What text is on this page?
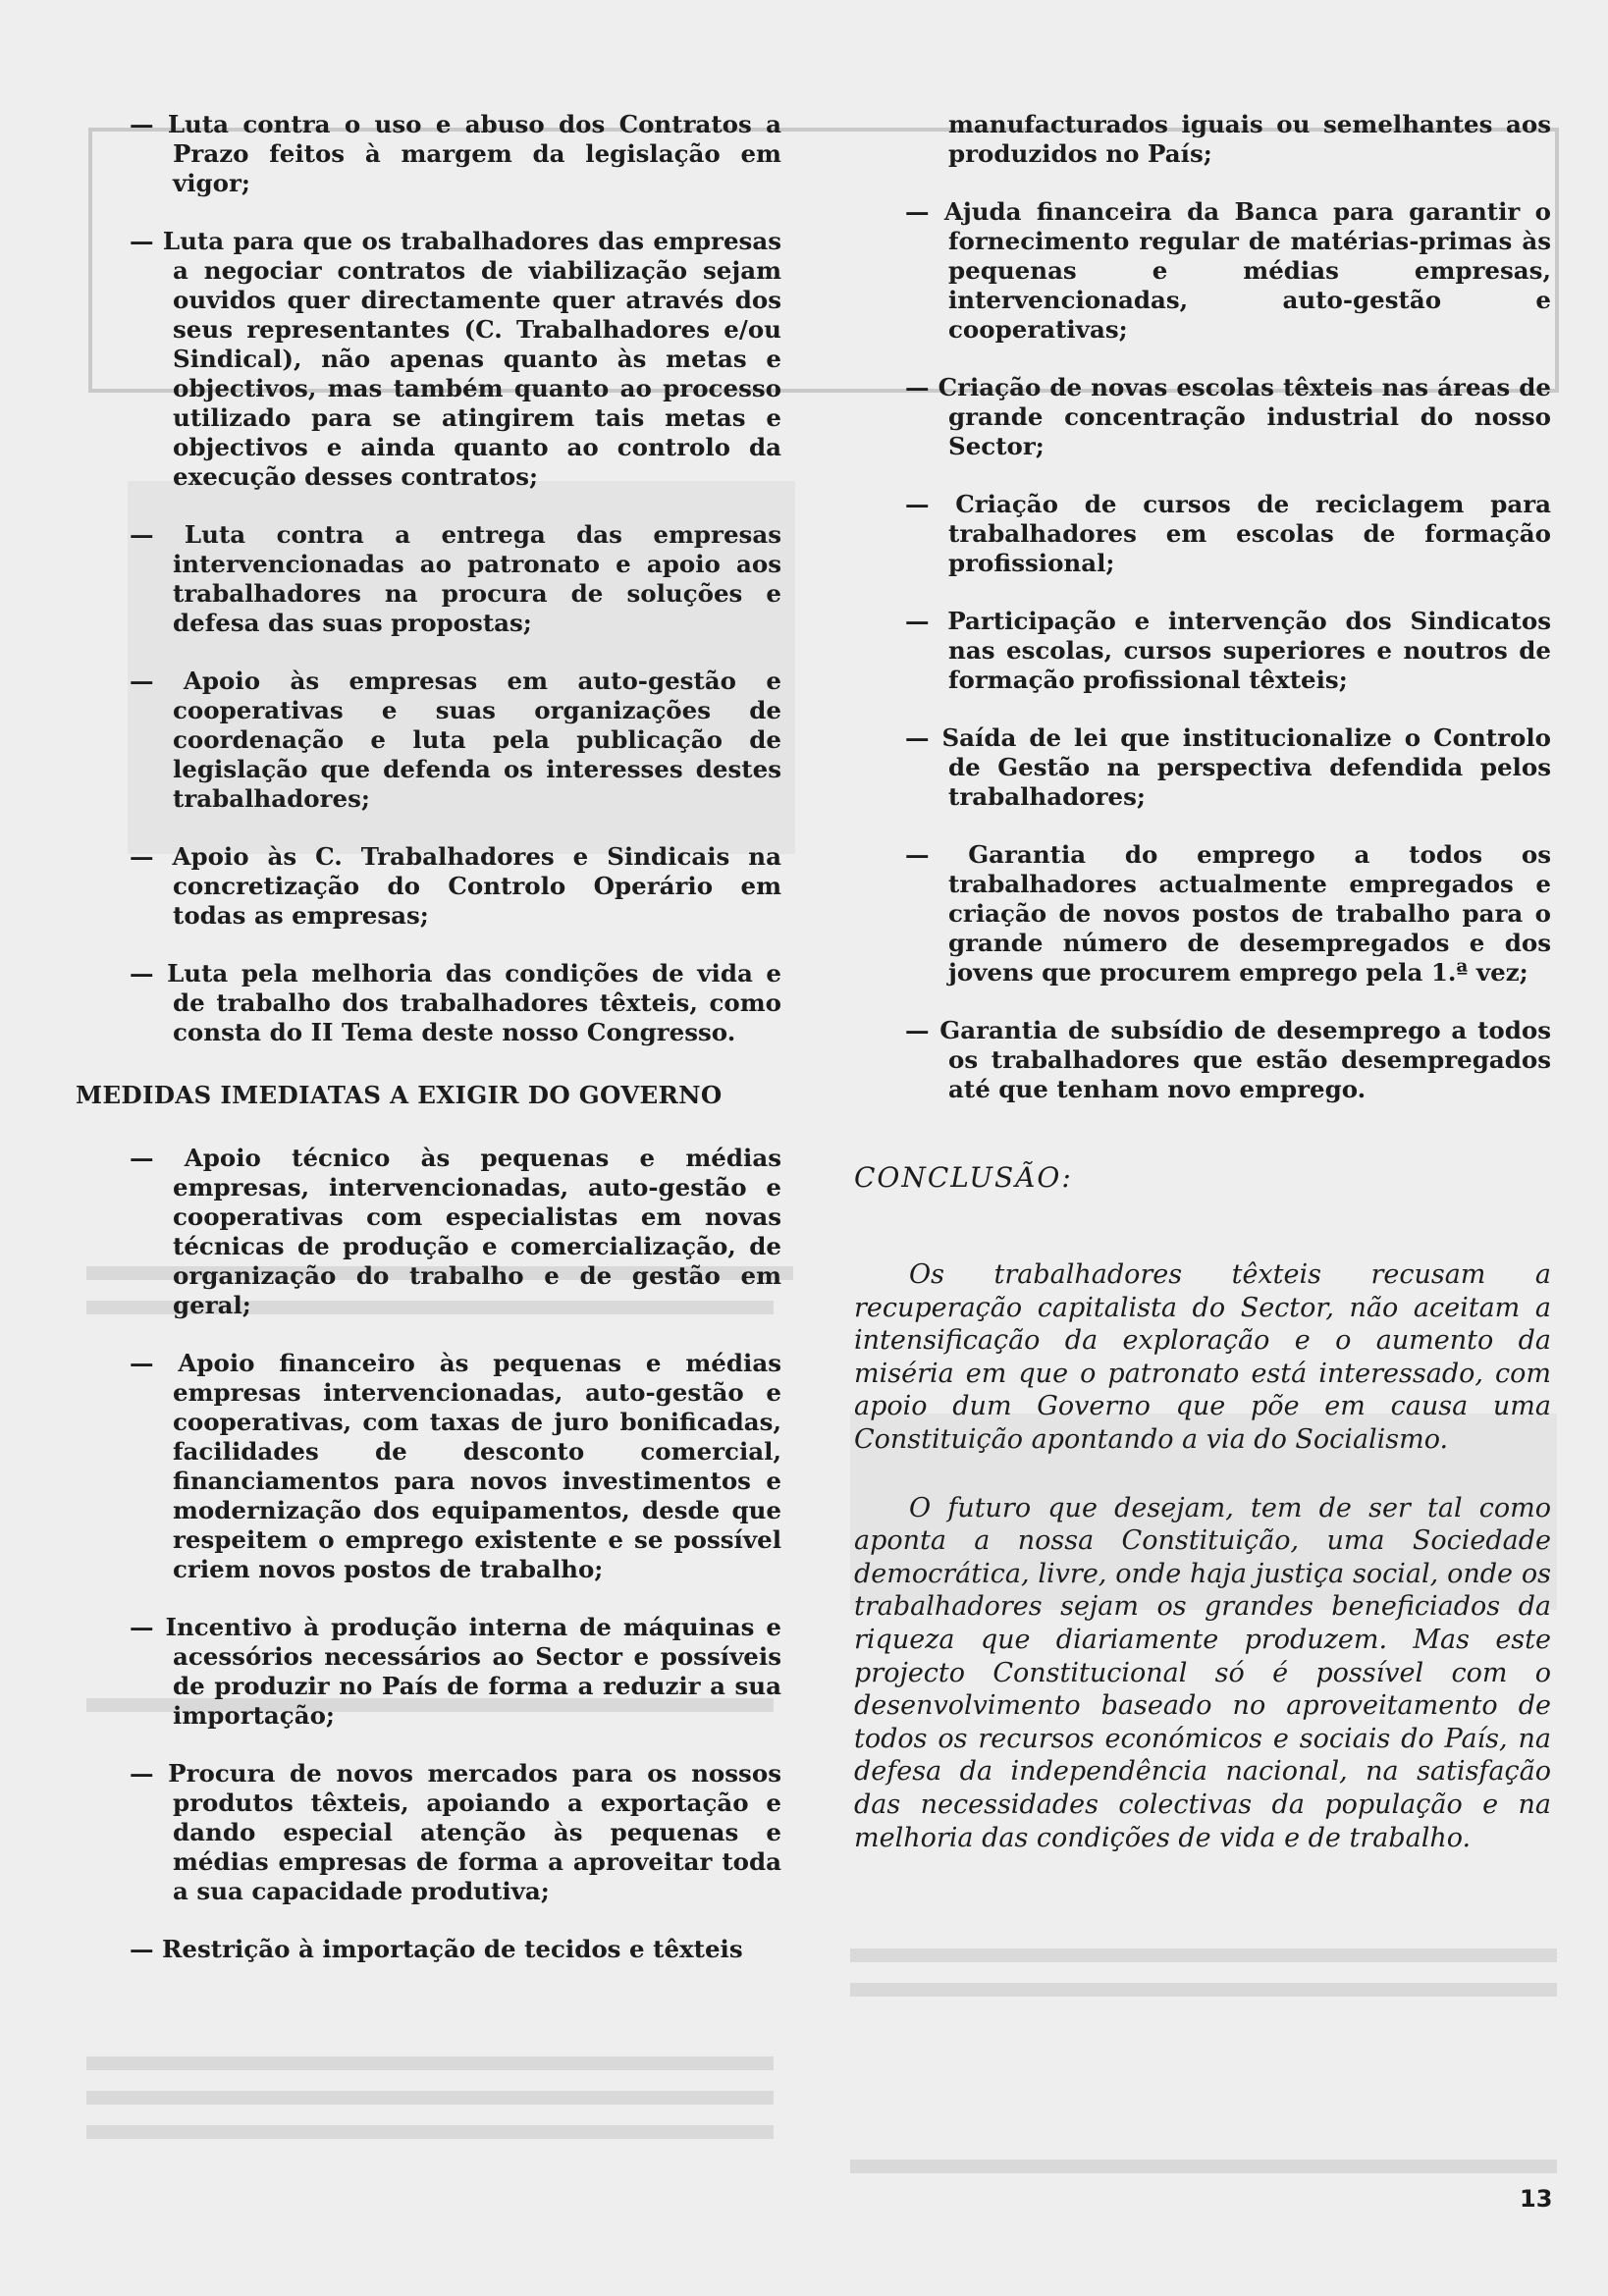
— Luta contra o uso e abuso dos Contratos a Prazo feitos à margem da legislação em vigor;

— Luta para que os trabalhadores das empresas a negociar contratos de viabilização sejam ouvidos quer directamente quer através dos seus representantes (C. Trabalhadores e/ou Sindical), não apenas quanto às metas e objectivos, mas também quanto ao processo utilizado para se atingirem tais metas e objectivos e ainda quanto ao controlo da execução desses contratos;

— Luta contra a entrega das empresas intervencionadas ao patronato e apoio aos trabalhadores na procura de soluções e defesa das suas propostas;

— Apoio às empresas em auto-gestão e cooperativas e suas organizações de coordenação e luta pela publicação de legislação que defenda os interesses destes trabalhadores;

— Apoio às C. Trabalhadores e Sindicais na concretização do Controlo Operário em todas as empresas;

— Luta pela melhoria das condições de vida e de trabalho dos trabalhadores têxteis, como consta do II Tema deste nosso Congresso.

MEDIDAS IMEDIATAS A EXIGIR DO GOVERNO

— Apoio técnico às pequenas e médias empresas, intervencionadas, auto-gestão e cooperativas com especialistas em novas técnicas de produção e comercialização, de organização do trabalho e de gestão em geral;

— Apoio financeiro às pequenas e médias empresas intervencionadas, auto-gestão e cooperativas, com taxas de juro bonificadas, facilidades de desconto comercial, financiamentos para novos investimentos e modernização dos equipamentos, desde que respeitem o emprego existente e se possível criem novos postos de trabalho;

— Incentivo à produção interna de máquinas e acessórios necessários ao Sector e possíveis de produzir no País de forma a reduzir a sua importação;

— Procura de novos mercados para os nossos produtos têxteis, apoiando a exportação e dando especial atenção às pequenas e médias empresas de forma a aproveitar toda a sua capacidade produtiva;

— Restrição à importação de tecidos e têxteis

manufacturados iguais ou semelhantes aos produzidos no País;

— Ajuda financeira da Banca para garantir o fornecimento regular de matérias-primas às pequenas e médias empresas, intervencionadas, auto-gestão e cooperativas;

— Criação de novas escolas têxteis nas áreas de grande concentração industrial do nosso Sector;

— Criação de cursos de reciclagem para trabalhadores em escolas de formação profissional;

— Participação e intervenção dos Sindicatos nas escolas, cursos superiores e noutros de formação profissional têxteis;

— Saída de lei que institucionalize o Controlo de Gestão na perspectiva defendida pelos trabalhadores;

— Garantia do emprego a todos os trabalhadores actualmente empregados e criação de novos postos de trabalho para o grande número de desempregados e dos jovens que procurem emprego pela 1.ª vez;

— Garantia de subsídio de desemprego a todos os trabalhadores que estão desempregados até que tenham novo emprego.

CONCLUSÃO:

Os trabalhadores têxteis recusam a recuperação capitalista do Sector, não aceitam a intensificação da exploração e o aumento da miséria em que o patronato está interessado, com apoio dum Governo que põe em causa uma Constituição apontando a via do Socialismo.

O futuro que desejam, tem de ser tal como aponta a nossa Constituição, uma Sociedade democrática, livre, onde haja justiça social, onde os trabalhadores sejam os grandes beneficiados da riqueza que diariamente produzem. Mas este projecto Constitucional só é possível com o desenvolvimento baseado no aproveitamento de todos os recursos económicos e sociais do País, na defesa da independência nacional, na satisfação das necessidades colectivas da população e na melhoria das condições de vida e de trabalho.

13
